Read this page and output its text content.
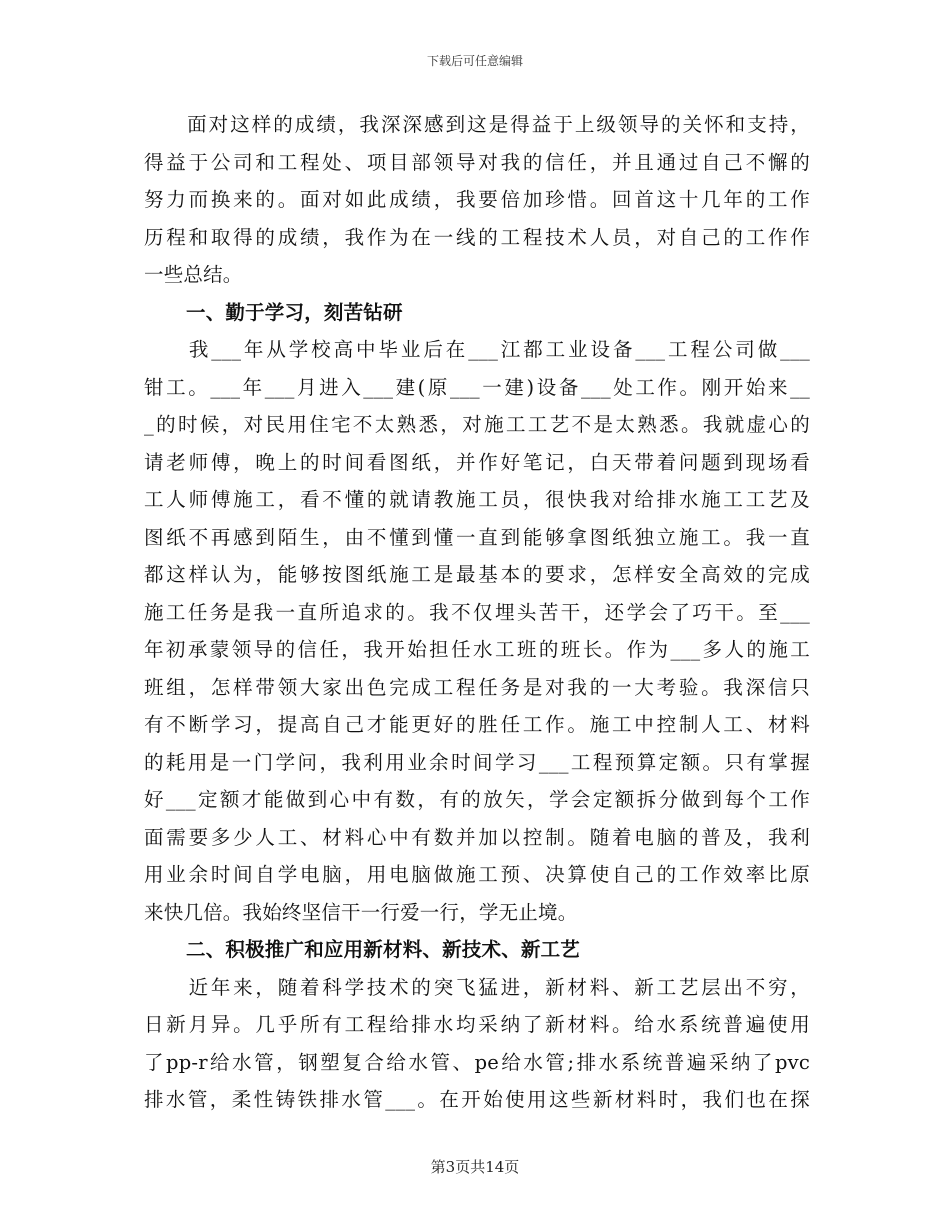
下载后可任意编辑
　　面对这样的成绩，我深深感到这是得益于上级领导的关怀和支持，
得益于公司和工程处、项目部领导对我的信任，并且通过自己不懈的
努力而换来的。面对如此成绩，我要倍加珍惜。回首这十几年的工作
历程和取得的成绩，我作为在一线的工程技术人员，对自己的工作作
一些总结。
一、勤于学习，刻苦钻研
　　我___年从学校高中毕业后在___江都工业设备___工程公司做___
钳工。___年___月进入___建(原___一建)设备___处工作。刚开始来__
_的时候，对民用住宅不太熟悉，对施工工艺不是太熟悉。我就虚心的
请老师傅，晚上的时间看图纸，并作好笔记，白天带着问题到现场看
工人师傅施工，看不懂的就请教施工员，很快我对给排水施工工艺及
图纸不再感到陌生，由不懂到懂一直到能够拿图纸独立施工。我一直
都这样认为，能够按图纸施工是最基本的要求，怎样安全高效的完成
施工任务是我一直所追求的。我不仅埋头苦干，还学会了巧干。至___
年初承蒙领导的信任，我开始担任水工班的班长。作为___多人的施工
班组，怎样带领大家出色完成工程任务是对我的一大考验。我深信只
有不断学习，提高自己才能更好的胜任工作。施工中控制人工、材料
的耗用是一门学问，我利用业余时间学习___工程预算定额。只有掌握
好___定额才能做到心中有数，有的放矢，学会定额拆分做到每个工作
面需要多少人工、材料心中有数并加以控制。随着电脑的普及，我利
用业余时间自学电脑，用电脑做施工预、决算使自己的工作效率比原
来快几倍。我始终坚信干一行爱一行，学无止境。
二、积极推广和应用新材料、新技术、新工艺
　　近年来，随着科学技术的突飞猛进，新材料、新工艺层出不穷，
日新月异。几乎所有工程给排水均采纳了新材料。给水系统普遍使用
了pp-r给水管，钢塑复合给水管、pe给水管;排水系统普遍采纳了pvc
排水管，柔性铸铁排水管___。在开始使用这些新材料时，我们也在探
第3页共14页
